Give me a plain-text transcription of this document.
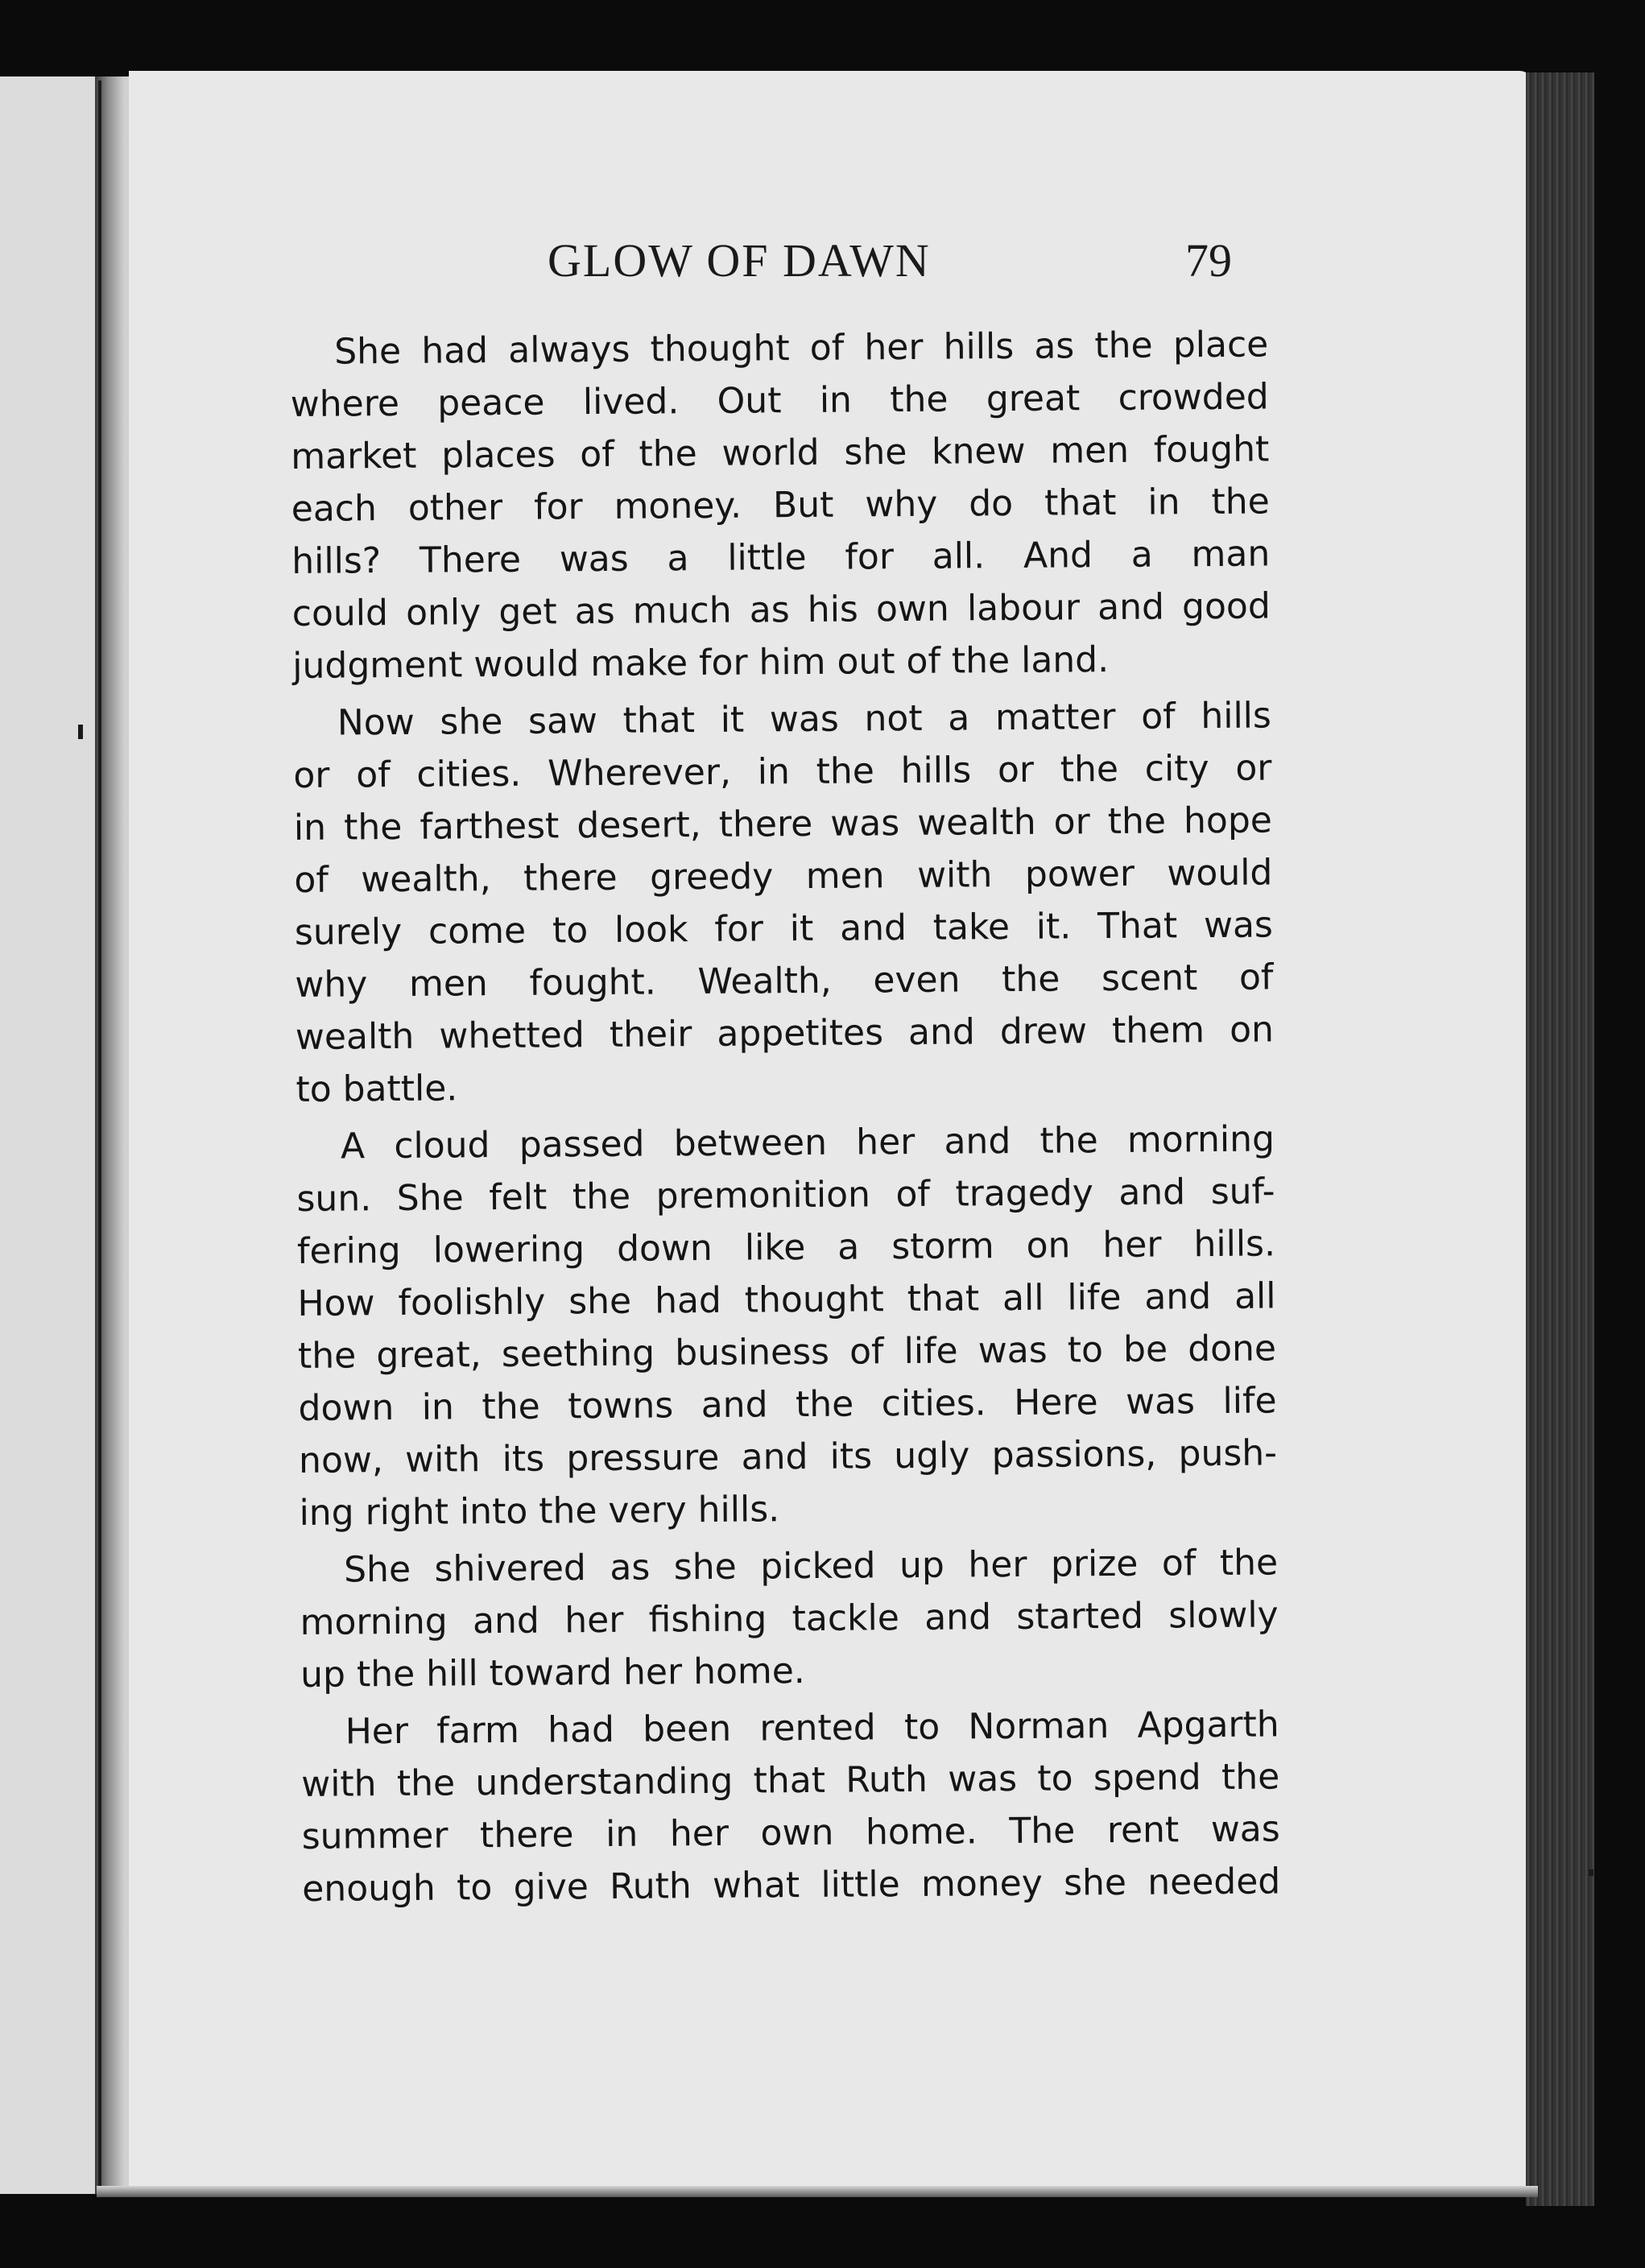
GLOW OF DAWN	79
She had always thought of her hills as the place
where peace lived. Out in the great crowded
market places of the world she knew men fought
each other for money. But why do that in the
hills? There was a little for all. And a man
could only get as much as his own labour and good
judgment would make for him out of the land.
Now she saw that it was not a matter of hills
or of cities. Wherever, in the hills or the city or
in the farthest desert, there was wealth or the hope
of wealth, there greedy men with power would
surely come to look for it and take it. That was
why men fought. Wealth, even the scent of
wealth whetted their appetites and drew them on
to battle.
A cloud passed between her and the morning
sun. She felt the premonition of tragedy and suf-
fering lowering down like a storm on her hills.
How foolishly she had thought that all life and all
the great, seething business of life was to be done
down in the towns and the cities. Here was life
now, with its pressure and its ugly passions, push-
ing right into the very hills.
She shivered as she picked up her prize of the
morning and her fishing tackle and started slowly
up the hill toward her home.
Her farm had been rented to Norman Apgarth
with the understanding that Ruth was to spend the
summer there in her own home. The rent was
enough to give Ruth what little money she needed
